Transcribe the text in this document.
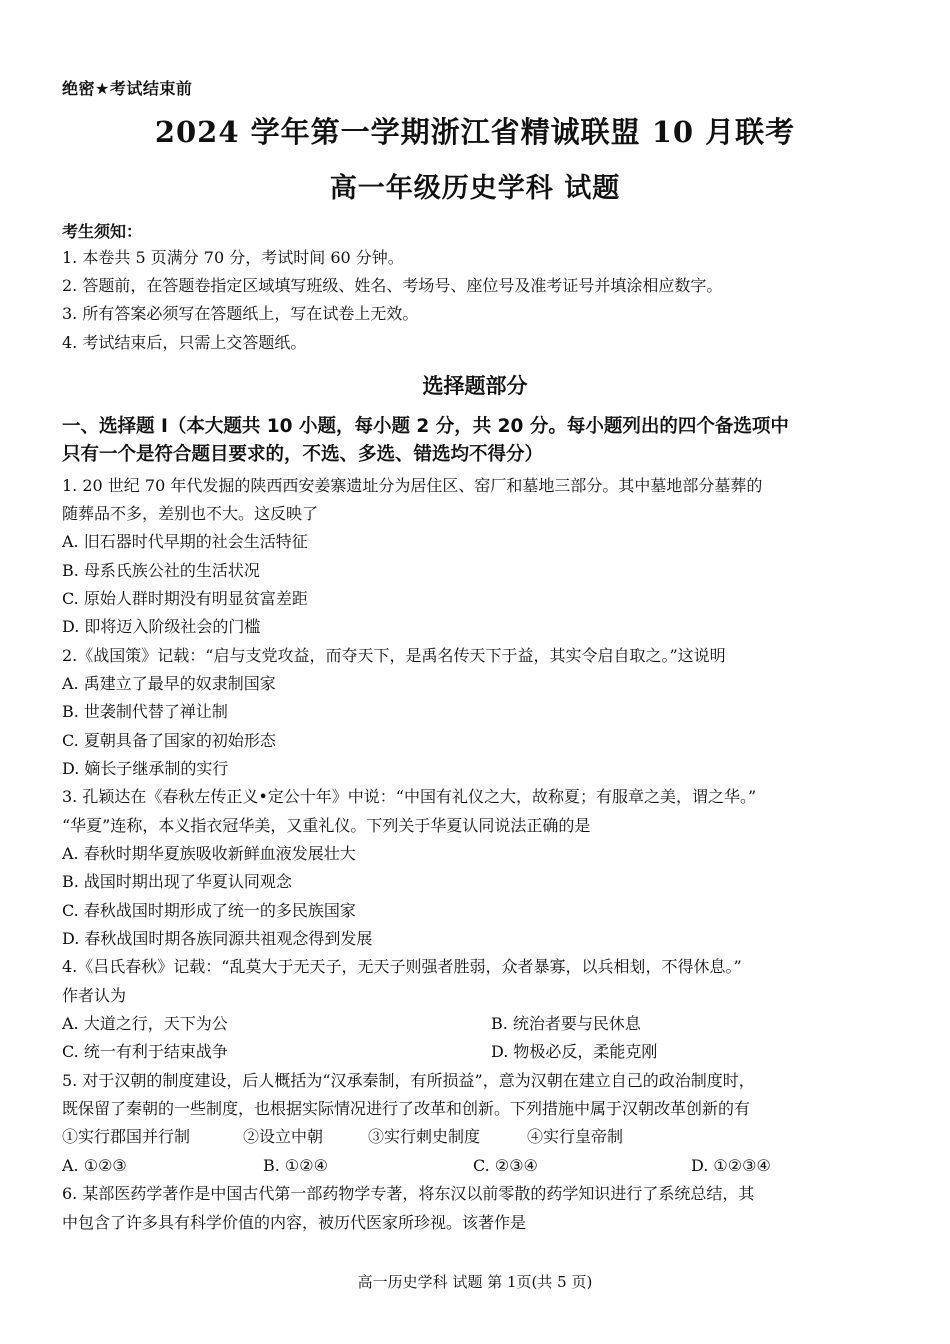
绝密★考试结束前
2024 学年第一学期浙江省精诚联盟 10 月联考
高一年级历史学科 试题
考生须知：
1. 本卷共 5 页满分 70 分，考试时间 60 分钟。
2. 答题前，在答题卷指定区域填写班级、姓名、考场号、座位号及准考证号并填涂相应数字。
3. 所有答案必须写在答题纸上，写在试卷上无效。
4. 考试结束后，只需上交答题纸。
选择题部分
一、选择题 I（本大题共 10 小题，每小题 2 分，共 20 分。每小题列出的四个备选项中
只有一个是符合题目要求的，不选、多选、错选均不得分）
1. 20 世纪 70 年代发掘的陕西西安姜寨遗址分为居住区、窑厂和墓地三部分。其中墓地部分墓葬的
随葬品不多，差别也不大。这反映了
A. 旧石器时代早期的社会生活特征
B. 母系氏族公社的生活状况
C. 原始人群时期没有明显贫富差距
D. 即将迈入阶级社会的门槛
2.《战国策》记载：“启与支党攻益，而夺天下，是禹名传天下于益，其实令启自取之。”这说明
A. 禹建立了最早的奴隶制国家
B. 世袭制代替了禅让制
C. 夏朝具备了国家的初始形态
D. 嫡长子继承制的实行
3. 孔颖达在《春秋左传正义•定公十年》中说：“中国有礼仪之大，故称夏；有服章之美，谓之华。”
“华夏”连称，本义指衣冠华美，又重礼仪。下列关于华夏认同说法正确的是
A. 春秋时期华夏族吸收新鲜血液发展壮大
B. 战国时期出现了华夏认同观念
C. 春秋战国时期形成了统一的多民族国家
D. 春秋战国时期各族同源共祖观念得到发展
4.《吕氏春秋》记载：“乱莫大于无天子，无天子则强者胜弱，众者暴寡，以兵相刬，不得休息。”
作者认为
A. 大道之行，天下为公	B. 统治者要与民休息
C. 统一有利于结束战争	D. 物极必反，柔能克刚
5. 对于汉朝的制度建设，后人概括为“汉承秦制，有所损益”，意为汉朝在建立自己的政治制度时，
既保留了秦朝的一些制度，也根据实际情况进行了改革和创新。下列措施中属于汉朝改革创新的有
①实行郡国并行制	②设立中朝	③实行刺史制度	④实行皇帝制
A. ①②③	B. ①②④	C. ②③④	D. ①②③④
6. 某部医药学著作是中国古代第一部药物学专著，将东汉以前零散的药学知识进行了系统总结，其
中包含了许多具有科学价值的内容，被历代医家所珍视。该著作是
高一历史学科 试题 第 1页(共 5 页)
